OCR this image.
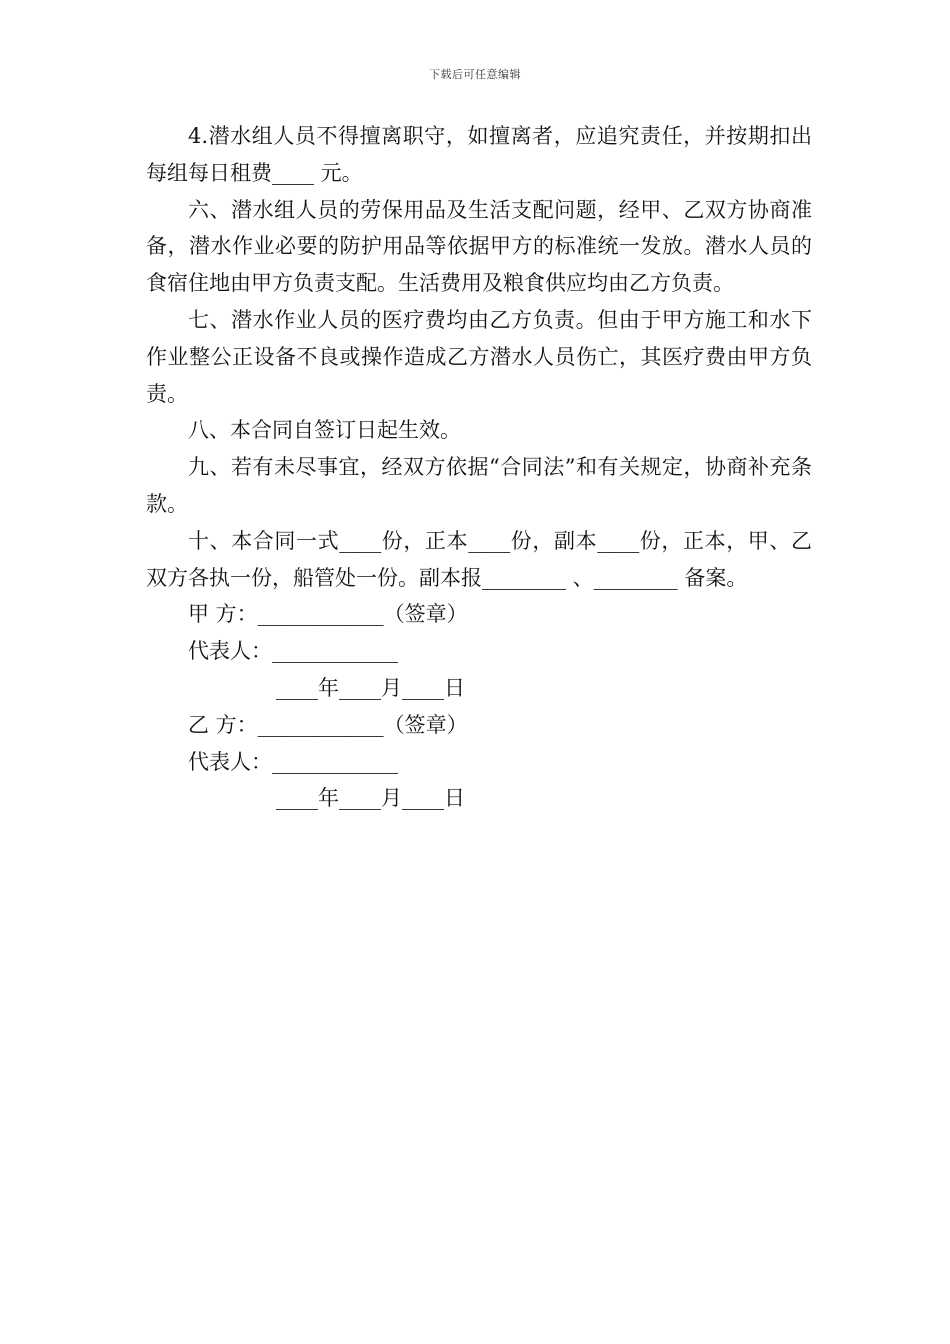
下载后可任意编辑

4.潜水组人员不得擅离职守，如擅离者，应追究责任，并按期扣出每组每日租费____ 元。

六、潜水组人员的劳保用品及生活支配问题，经甲、乙双方协商准备，潜水作业必要的防护用品等依据甲方的标准统一发放。潜水人员的食宿住地由甲方负责支配。生活费用及粮食供应均由乙方负责。

七、潜水作业人员的医疗费均由乙方负责。但由于甲方施工和水下作业整公正设备不良或操作造成乙方潜水人员伤亡，其医疗费由甲方负责。

八、本合同自签订日起生效。

九、若有未尽事宜，经双方依据“合同法”和有关规定，协商补充条款。

十、本合同一式____份，正本____份，副本____份，正本，甲、乙双方各执一份，船管处一份。副本报________ 、________ 备案。

甲 方：____________（签章）
代表人：____________
____年____月____日
乙 方：____________（签章）
代表人：____________
____年____月____日
